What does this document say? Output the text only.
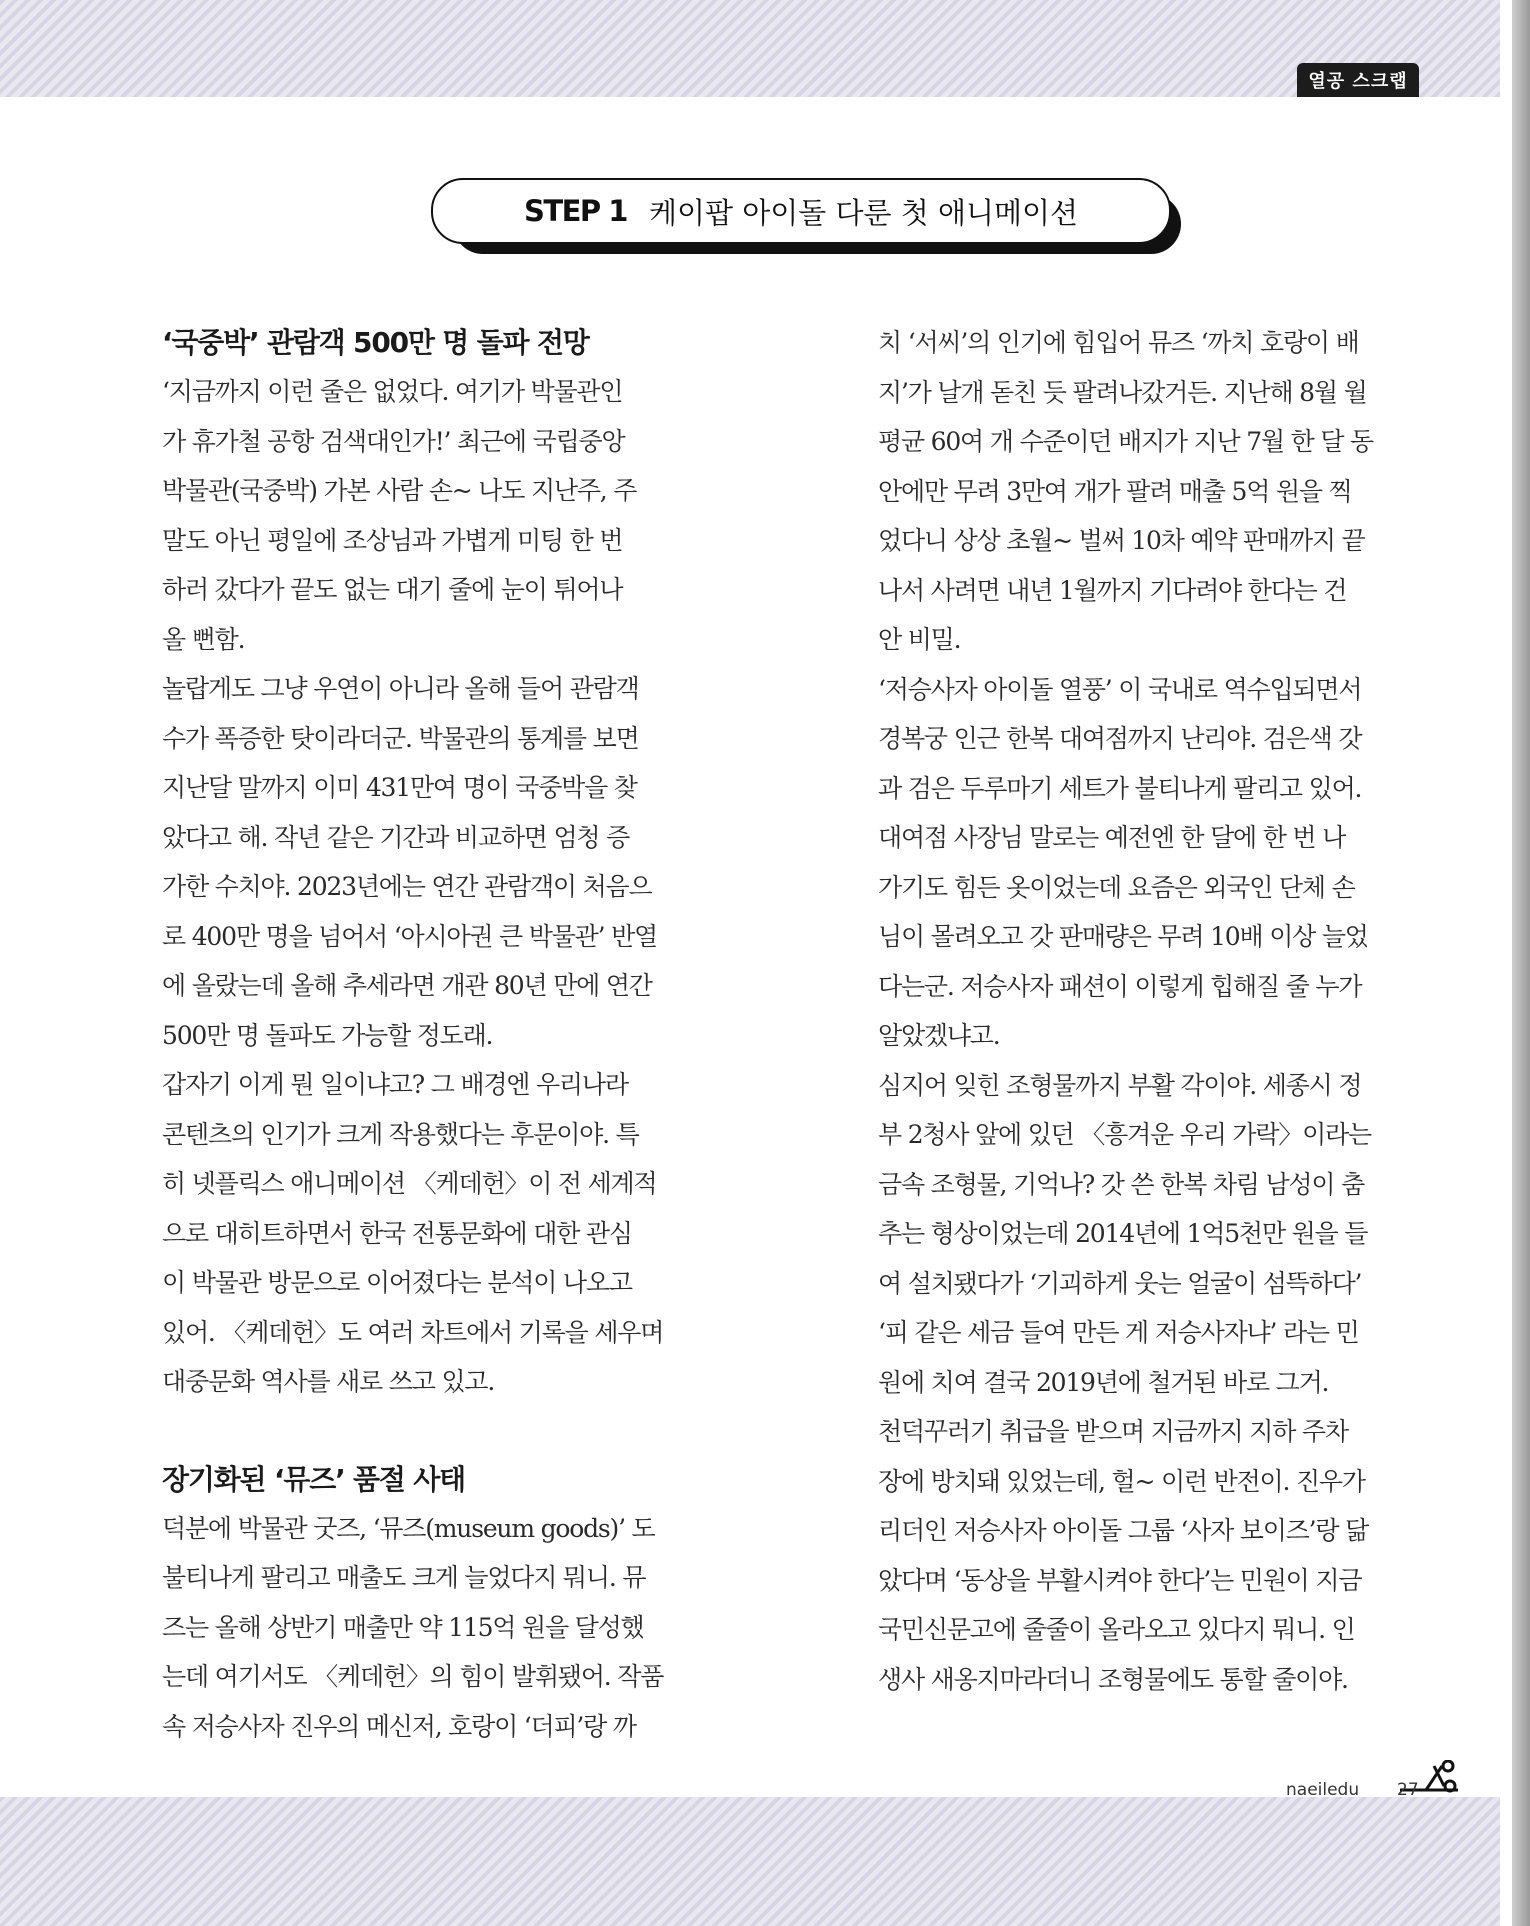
열공 스크랩
STEP 1 케이팝 아이돌 다룬 첫 애니메이션
‘국중박’ 관람객 500만 명 돌파 전망
‘지금까지 이런 줄은 없었다. 여기가 박물관인
가 휴가철 공항 검색대인가!’ 최근에 국립중앙
박물관(국중박) 가본 사람 손~ 나도 지난주, 주
말도 아닌 평일에 조상님과 가볍게 미팅 한 번
하러 갔다가 끝도 없는 대기 줄에 눈이 튀어나
올 뻔함.
놀랍게도 그냥 우연이 아니라 올해 들어 관람객
수가 폭증한 탓이라더군. 박물관의 통계를 보면
지난달 말까지 이미 431만여 명이 국중박을 찾
았다고 해. 작년 같은 기간과 비교하면 엄청 증
가한 수치야. 2023년에는 연간 관람객이 처음으
로 400만 명을 넘어서 ‘아시아권 큰 박물관’ 반열
에 올랐는데 올해 추세라면 개관 80년 만에 연간
500만 명 돌파도 가능할 정도래.
갑자기 이게 뭔 일이냐고? 그 배경엔 우리나라
콘텐츠의 인기가 크게 작용했다는 후문이야. 특
히 넷플릭스 애니메이션 〈케데헌〉이 전 세계적
으로 대히트하면서 한국 전통문화에 대한 관심
이 박물관 방문으로 이어졌다는 분석이 나오고
있어. 〈케데헌〉도 여러 차트에서 기록을 세우며
대중문화 역사를 새로 쓰고 있고.
장기화된 ‘뮤즈’ 품절 사태
덕분에 박물관 굿즈, ‘뮤즈(museum goods)’ 도
불티나게 팔리고 매출도 크게 늘었다지 뭐니. 뮤
즈는 올해 상반기 매출만 약 115억 원을 달성했
는데 여기서도 〈케데헌〉의 힘이 발휘됐어. 작품
속 저승사자 진우의 메신저, 호랑이 ‘더피’랑 까
치 ‘서씨’의 인기에 힘입어 뮤즈 ‘까치 호랑이 배
지’가 날개 돋친 듯 팔려나갔거든. 지난해 8월 월
평균 60여 개 수준이던 배지가 지난 7월 한 달 동
안에만 무려 3만여 개가 팔려 매출 5억 원을 찍
었다니 상상 초월~ 벌써 10차 예약 판매까지 끝
나서 사려면 내년 1월까지 기다려야 한다는 건
안 비밀.
‘저승사자 아이돌 열풍’ 이 국내로 역수입되면서
경복궁 인근 한복 대여점까지 난리야. 검은색 갓
과 검은 두루마기 세트가 불티나게 팔리고 있어.
대여점 사장님 말로는 예전엔 한 달에 한 번 나
가기도 힘든 옷이었는데 요즘은 외국인 단체 손
님이 몰려오고 갓 판매량은 무려 10배 이상 늘었
다는군. 저승사자 패션이 이렇게 힙해질 줄 누가
알았겠냐고.
심지어 잊힌 조형물까지 부활 각이야. 세종시 정
부 2청사 앞에 있던 〈흥겨운 우리 가락〉이라는
금속 조형물, 기억나? 갓 쓴 한복 차림 남성이 춤
추는 형상이었는데 2014년에 1억5천만 원을 들
여 설치됐다가 ‘기괴하게 웃는 얼굴이 섬뜩하다’
‘피 같은 세금 들여 만든 게 저승사자냐’ 라는 민
원에 치여 결국 2019년에 철거된 바로 그거.
천덕꾸러기 취급을 받으며 지금까지 지하 주차
장에 방치돼 있었는데, 헐~ 이런 반전이. 진우가
리더인 저승사자 아이돌 그룹 ‘사자 보이즈’랑 닮
았다며 ‘동상을 부활시켜야 한다’는 민원이 지금
국민신문고에 줄줄이 올라오고 있다지 뭐니. 인
생사 새옹지마라더니 조형물에도 통할 줄이야.
naeiledu 27
